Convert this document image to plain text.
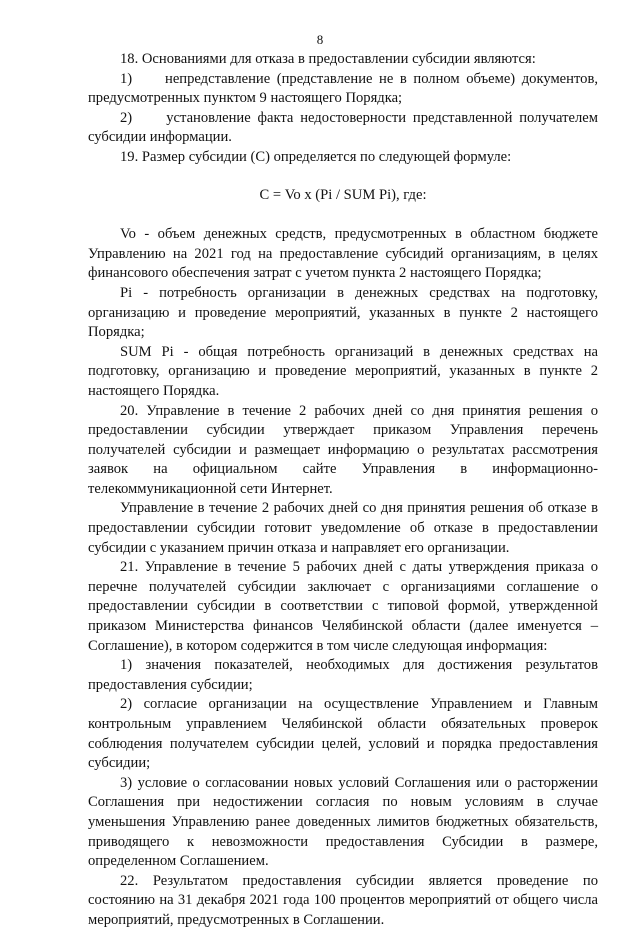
8

18. Основаниями для отказа в предоставлении субсидии являются:

1)     непредставление (представление не в полном объеме) документов, предусмотренных пунктом 9 настоящего Порядка;

2)     установление факта недостоверности представленной получателем субсидии информации.

19. Размер субсидии (С) определяется по следующей формуле:

С = Vo x (Pi / SUM Pi), где:

Vo - объем денежных средств, предусмотренных в областном бюджете Управлению на 2021 год на предоставление субсидий организациям, в целях финансового обеспечения затрат с учетом пункта 2 настоящего Порядка;

Pi - потребность организации в денежных средствах на подготовку, организацию и проведение мероприятий, указанных в пункте 2 настоящего Порядка;

SUM Pi - общая потребность организаций в денежных средствах на подготовку, организацию и проведение мероприятий, указанных в пункте 2 настоящего Порядка.

20. Управление в течение 2 рабочих дней со дня принятия решения о предоставлении субсидии утверждает приказом Управления перечень получателей субсидии и размещает информацию о результатах рассмотрения заявок на официальном сайте Управления в информационно-телекоммуникационной сети Интернет.

Управление в течение 2 рабочих дней со дня принятия решения об отказе в предоставлении субсидии готовит уведомление об отказе в предоставлении субсидии с указанием причин отказа и направляет его организации.

21. Управление в течение 5 рабочих дней с даты утверждения приказа о перечне получателей субсидии заключает с организациями соглашение о предоставлении субсидии в соответствии с типовой формой, утвержденной приказом Министерства финансов Челябинской области (далее именуется – Соглашение), в котором содержится в том числе следующая информация:

1) значения показателей, необходимых для достижения результатов предоставления субсидии;

2) согласие организации на осуществление Управлением и Главным контрольным управлением Челябинской области обязательных проверок соблюдения получателем субсидии целей, условий и порядка предоставления субсидии;

3) условие о согласовании новых условий Соглашения или о расторжении Соглашения при недостижении согласия по новым условиям в случае уменьшения Управлению ранее доведенных лимитов бюджетных обязательств, приводящего к невозможности предоставления Субсидии в размере, определенном Соглашением.

22. Результатом предоставления субсидии является проведение по состоянию на 31 декабря 2021 года 100 процентов мероприятий от общего числа мероприятий, предусмотренных в Соглашении.
